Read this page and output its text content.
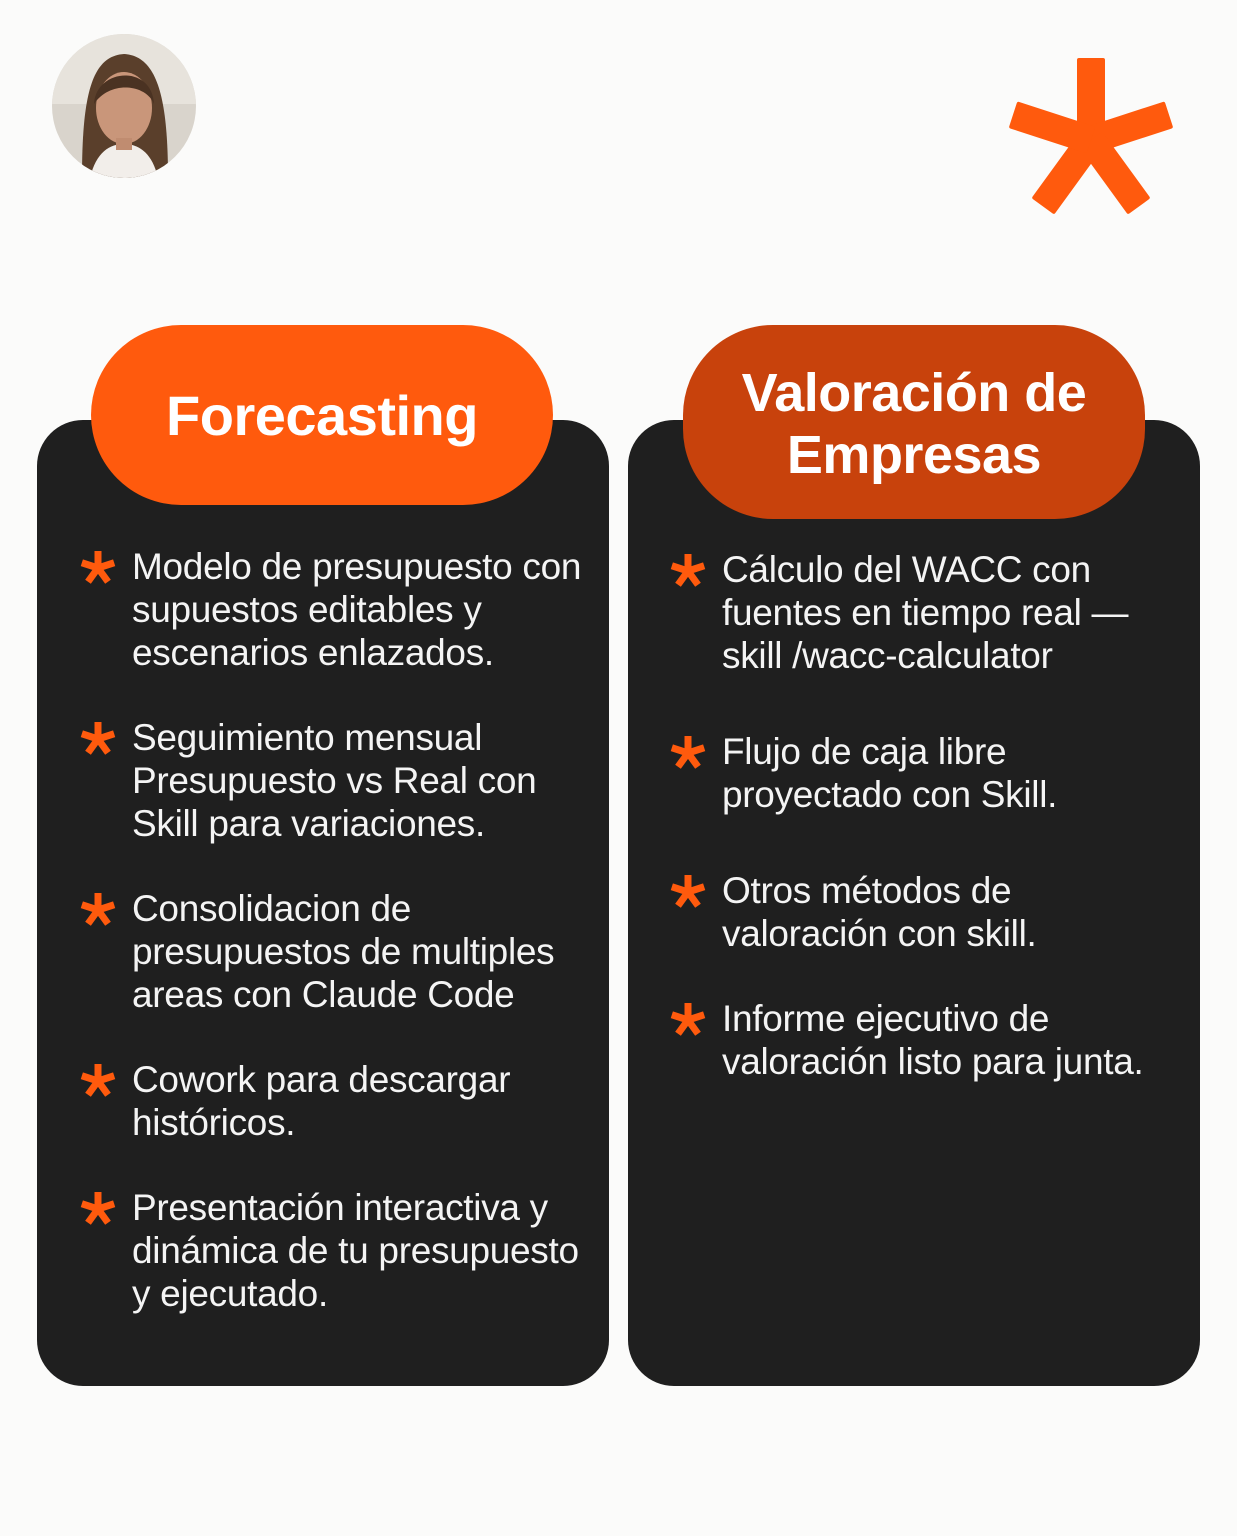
Forecasting
Modelo de presupuesto con supuestos editables y escenarios enlazados.
Seguimiento mensual Presupuesto vs Real con Skill para variaciones.
Consolidacion de presupuestos de multiples areas con Claude Code
Cowork para descargar históricos.
Presentación interactiva y dinámica de tu presupuesto y ejecutado.
Valoración de Empresas
Cálculo del WACC con fuentes en tiempo real — skill /wacc-calculator
Flujo de caja libre proyectado con Skill.
Otros métodos de valoración con skill.
Informe ejecutivo de valoración listo para junta.
